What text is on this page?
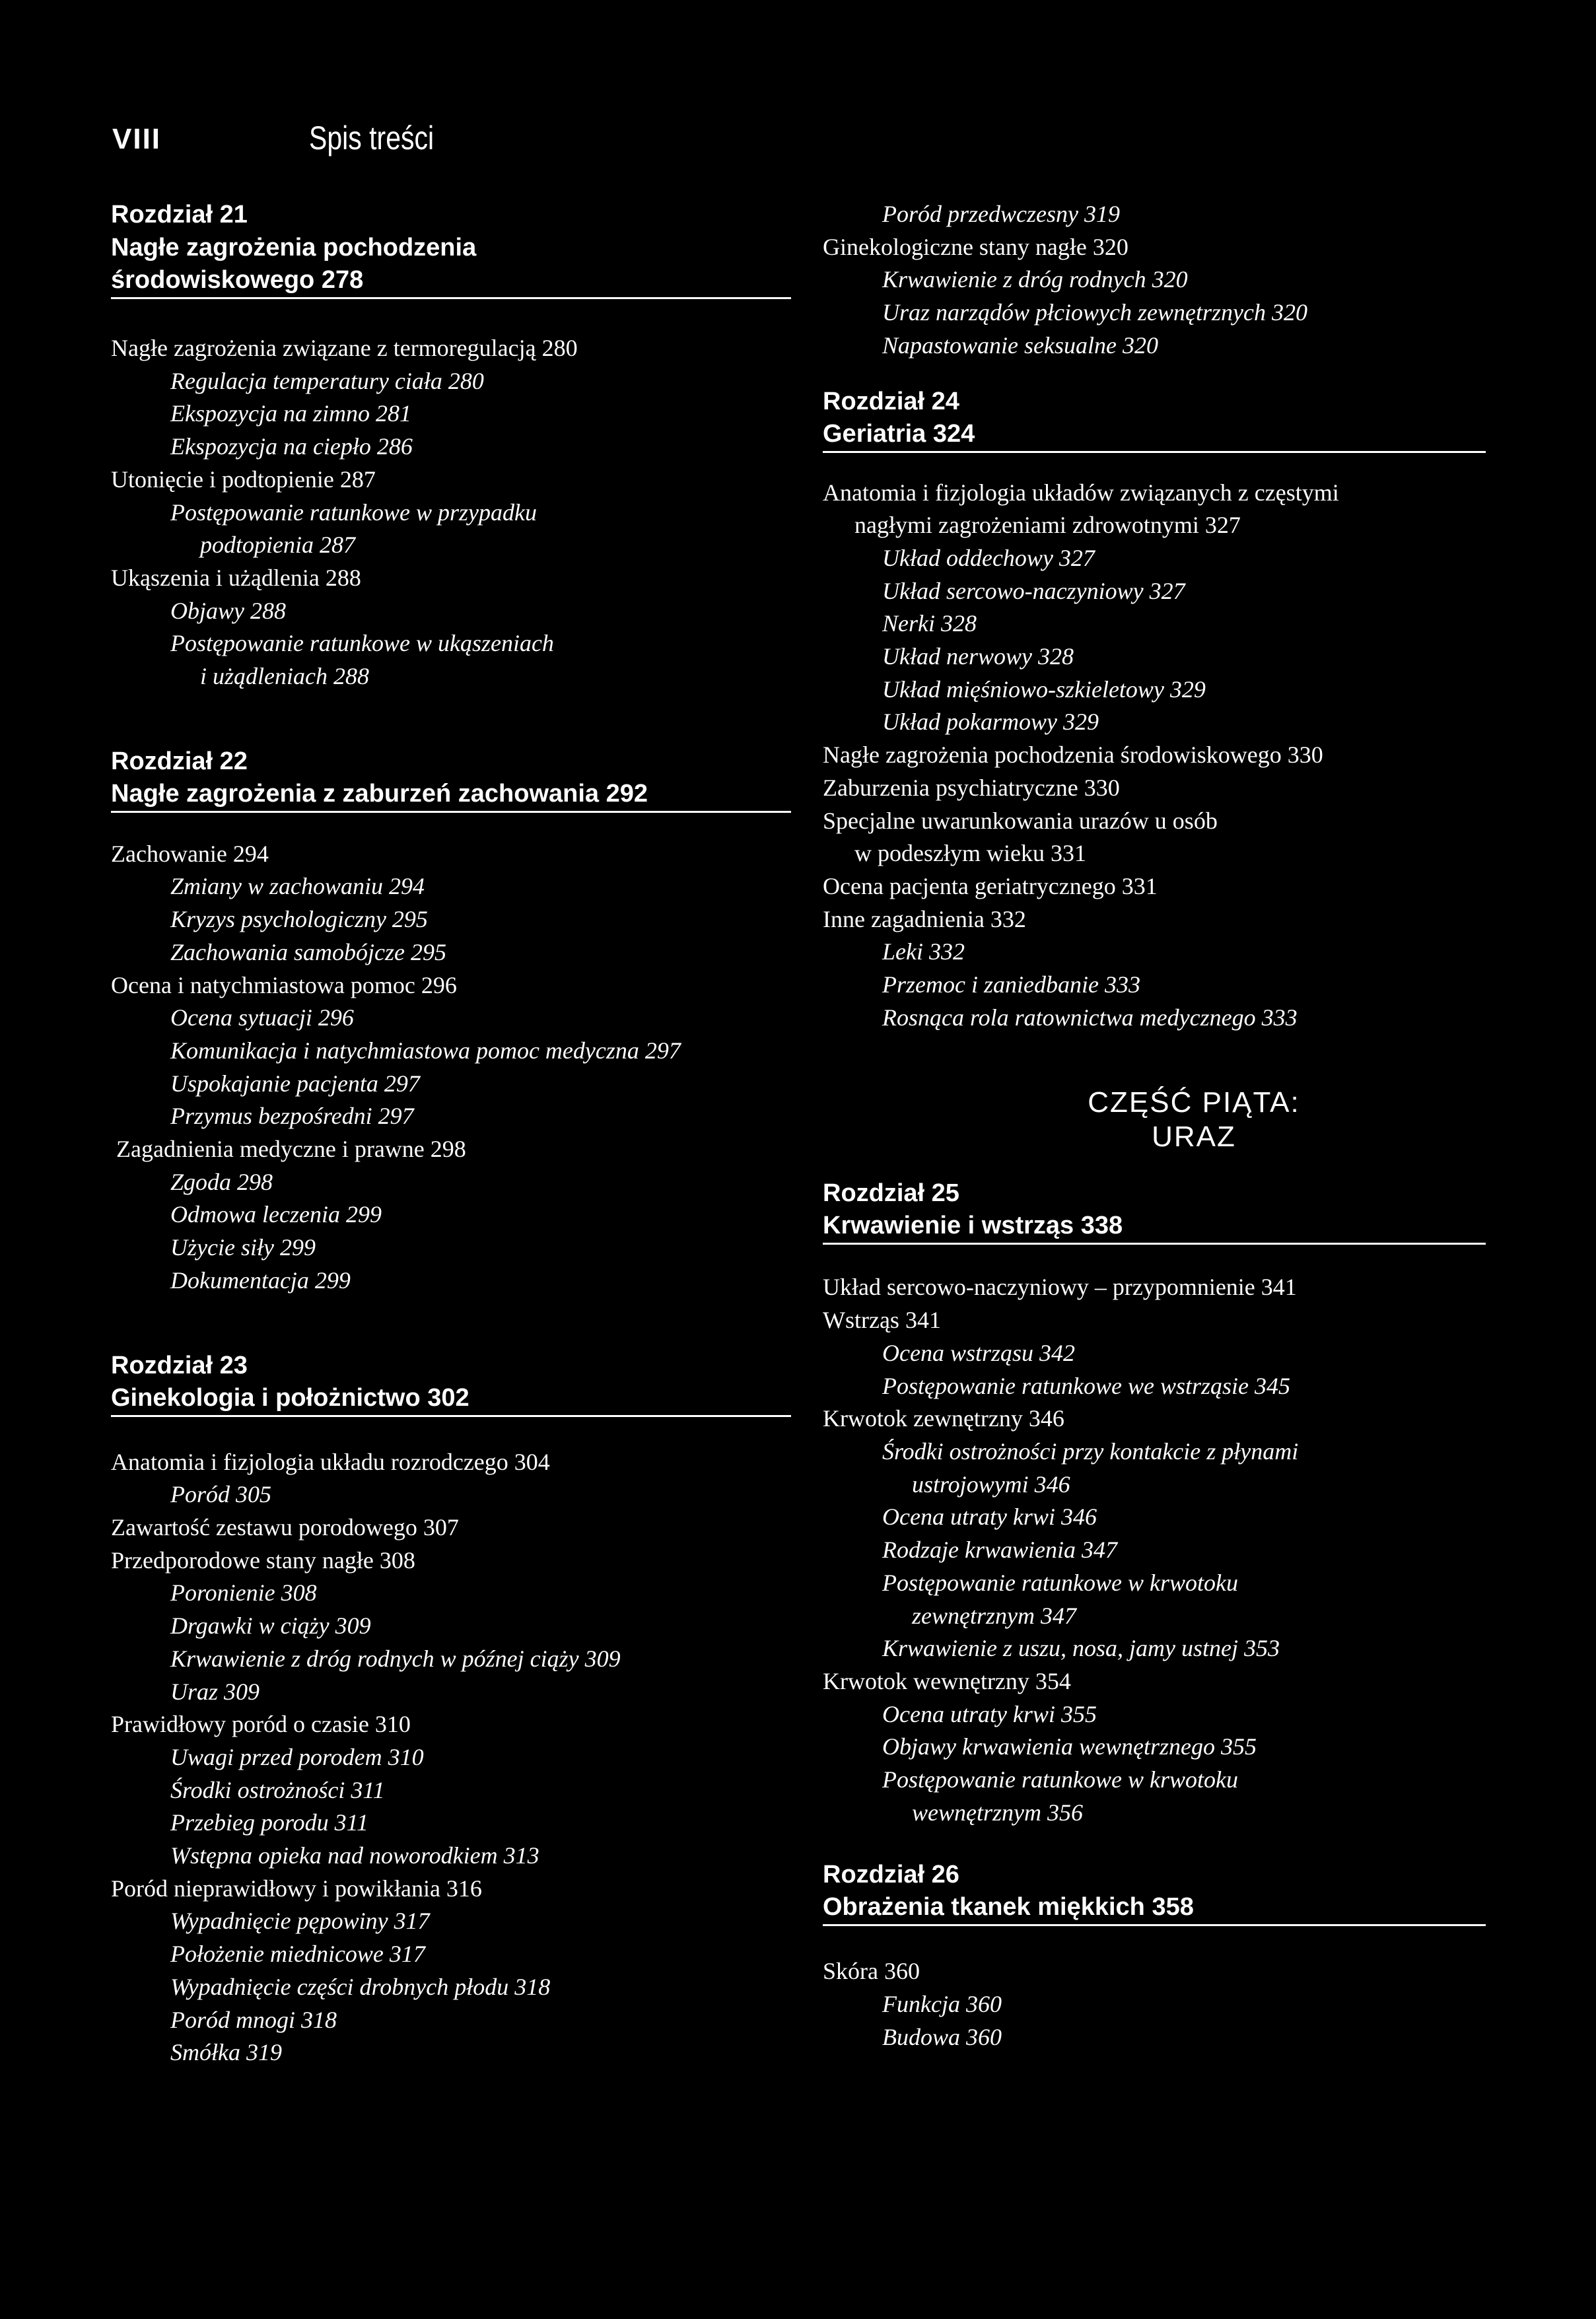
VIII	Spis treści
Rozdział 21
Nagłe zagrożenia pochodzenia
środowiskowego 278
Nagłe zagrożenia związane z termoregulacją 280
Regulacja temperatury ciała 280
Ekspozycja na zimno 281
Ekspozycja na ciepło 286
Utonięcie i podtopienie 287
Postępowanie ratunkowe w przypadku
podtopienia 287
Ukąszenia i użądlenia 288
Objawy 288
Postępowanie ratunkowe w ukąszeniach
i użądleniach 288
Rozdział 22
Nagłe zagrożenia z zaburzeń zachowania 292
Zachowanie 294
Zmiany w zachowaniu 294
Kryzys psychologiczny 295
Zachowania samobójcze 295
Ocena i natychmiastowa pomoc 296
Ocena sytuacji 296
Komunikacja i natychmiastowa pomoc medyczna 297
Uspokajanie pacjenta 297
Przymus bezpośredni 297
Zagadnienia medyczne i prawne 298
Zgoda 298
Odmowa leczenia 299
Użycie siły 299
Dokumentacja 299
Rozdział 23
Ginekologia i położnictwo 302
Anatomia i fizjologia układu rozrodczego 304
Poród 305
Zawartość zestawu porodowego 307
Przedporodowe stany nagłe 308
Poronienie 308
Drgawki w ciąży 309
Krwawienie z dróg rodnych w późnej ciąży 309
Uraz 309
Prawidłowy poród o czasie 310
Uwagi przed porodem 310
Środki ostrożności 311
Przebieg porodu 311
Wstępna opieka nad noworodkiem 313
Poród nieprawidłowy i powikłania 316
Wypadnięcie pępowiny 317
Położenie miednicowe 317
Wypadnięcie części drobnych płodu 318
Poród mnogi 318
Smółka 319
Poród przedwczesny 319
Ginekologiczne stany nagłe 320
Krwawienie z dróg rodnych 320
Uraz narządów płciowych zewnętrznych 320
Napastowanie seksualne 320
Rozdział 24
Geriatria 324
Anatomia i fizjologia układów związanych z częstymi
nagłymi zagrożeniami zdrowotnymi 327
Układ oddechowy 327
Układ sercowo-naczyniowy 327
Nerki 328
Układ nerwowy 328
Układ mięśniowo-szkieletowy 329
Układ pokarmowy 329
Nagłe zagrożenia pochodzenia środowiskowego 330
Zaburzenia psychiatryczne 330
Specjalne uwarunkowania urazów u osób
w podeszłym wieku 331
Ocena pacjenta geriatrycznego 331
Inne zagadnienia 332
Leki 332
Przemoc i zaniedbanie 333
Rosnąca rola ratownictwa medycznego 333
CZĘŚĆ PIĄTA:
URAZ
Rozdział 25
Krwawienie i wstrząs 338
Układ sercowo-naczyniowy – przypomnienie 341
Wstrząs 341
Ocena wstrząsu 342
Postępowanie ratunkowe we wstrząsie 345
Krwotok zewnętrzny 346
Środki ostrożności przy kontakcie z płynami
ustrojowymi 346
Ocena utraty krwi 346
Rodzaje krwawienia 347
Postępowanie ratunkowe w krwotoku
zewnętrznym 347
Krwawienie z uszu, nosa, jamy ustnej 353
Krwotok wewnętrzny 354
Ocena utraty krwi 355
Objawy krwawienia wewnętrznego 355
Postępowanie ratunkowe w krwotoku
wewnętrznym 356
Rozdział 26
Obrażenia tkanek miękkich 358
Skóra 360
Funkcja 360
Budowa 360
